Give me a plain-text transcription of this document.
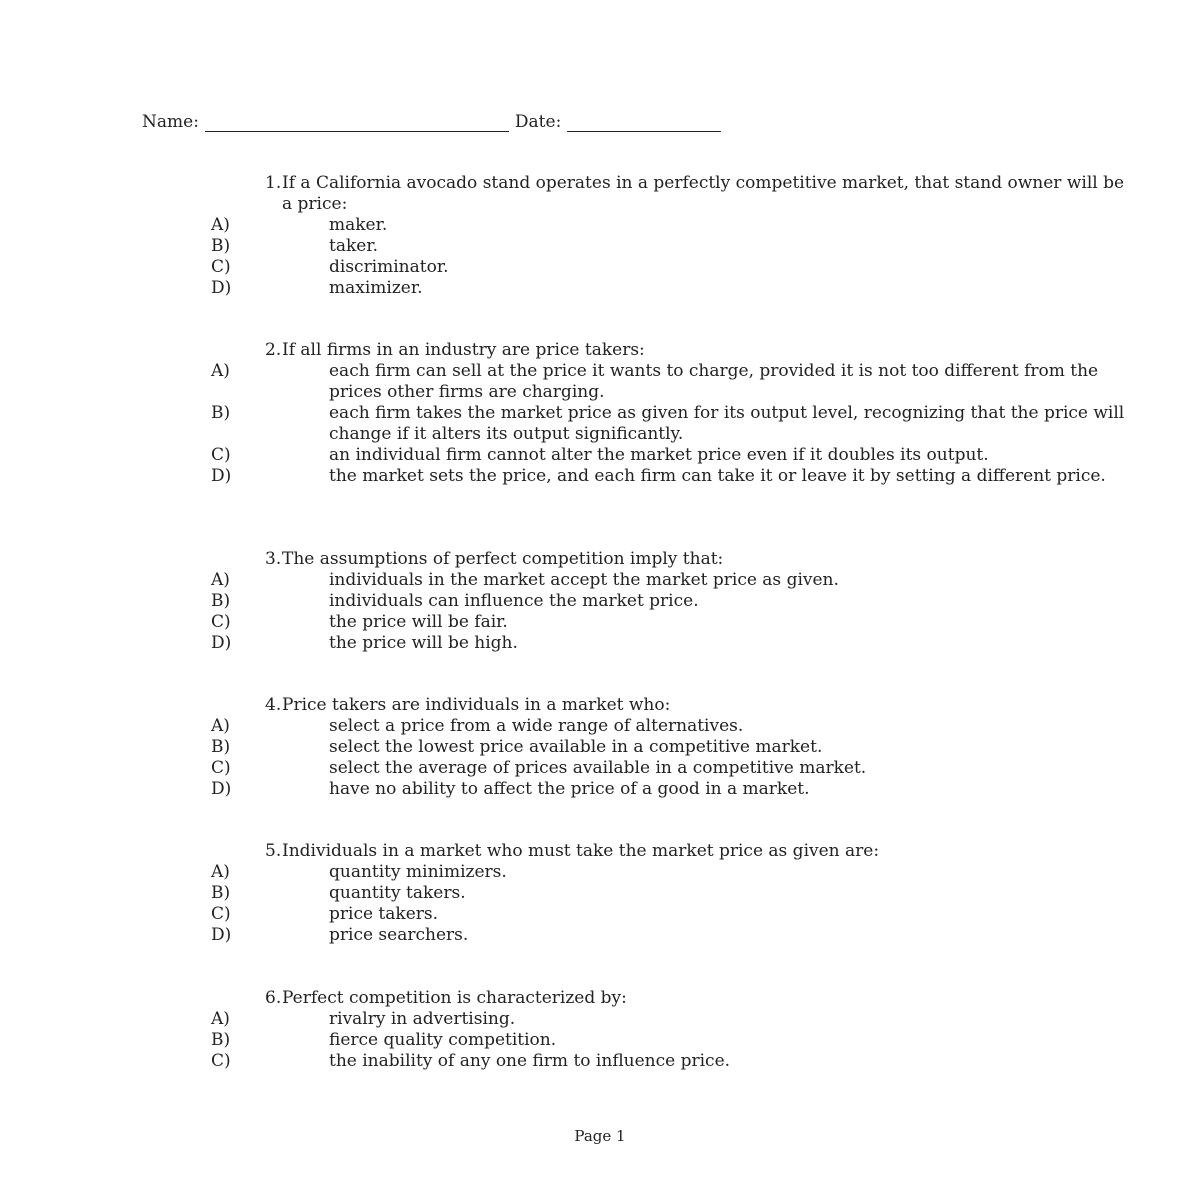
Name:	Date:
1. If a California avocado stand operates in a perfectly competitive market, that stand owner will be a price:
A)	maker.
B)	taker.
C)	discriminator.
D)	maximizer.
2. If all firms in an industry are price takers:
A)	each firm can sell at the price it wants to charge, provided it is not too different from the prices other firms are charging.
B)	each firm takes the market price as given for its output level, recognizing that the price will change if it alters its output significantly.
C)	an individual firm cannot alter the market price even if it doubles its output.
D)	the market sets the price, and each firm can take it or leave it by setting a different price.
3. The assumptions of perfect competition imply that:
A)	individuals in the market accept the market price as given.
B)	individuals can influence the market price.
C)	the price will be fair.
D)	the price will be high.
4. Price takers are individuals in a market who:
A)	select a price from a wide range of alternatives.
B)	select the lowest price available in a competitive market.
C)	select the average of prices available in a competitive market.
D)	have no ability to affect the price of a good in a market.
5. Individuals in a market who must take the market price as given are:
A)	quantity minimizers.
B)	quantity takers.
C)	price takers.
D)	price searchers.
6. Perfect competition is characterized by:
A)	rivalry in advertising.
B)	fierce quality competition.
C)	the inability of any one firm to influence price.
Page 1
